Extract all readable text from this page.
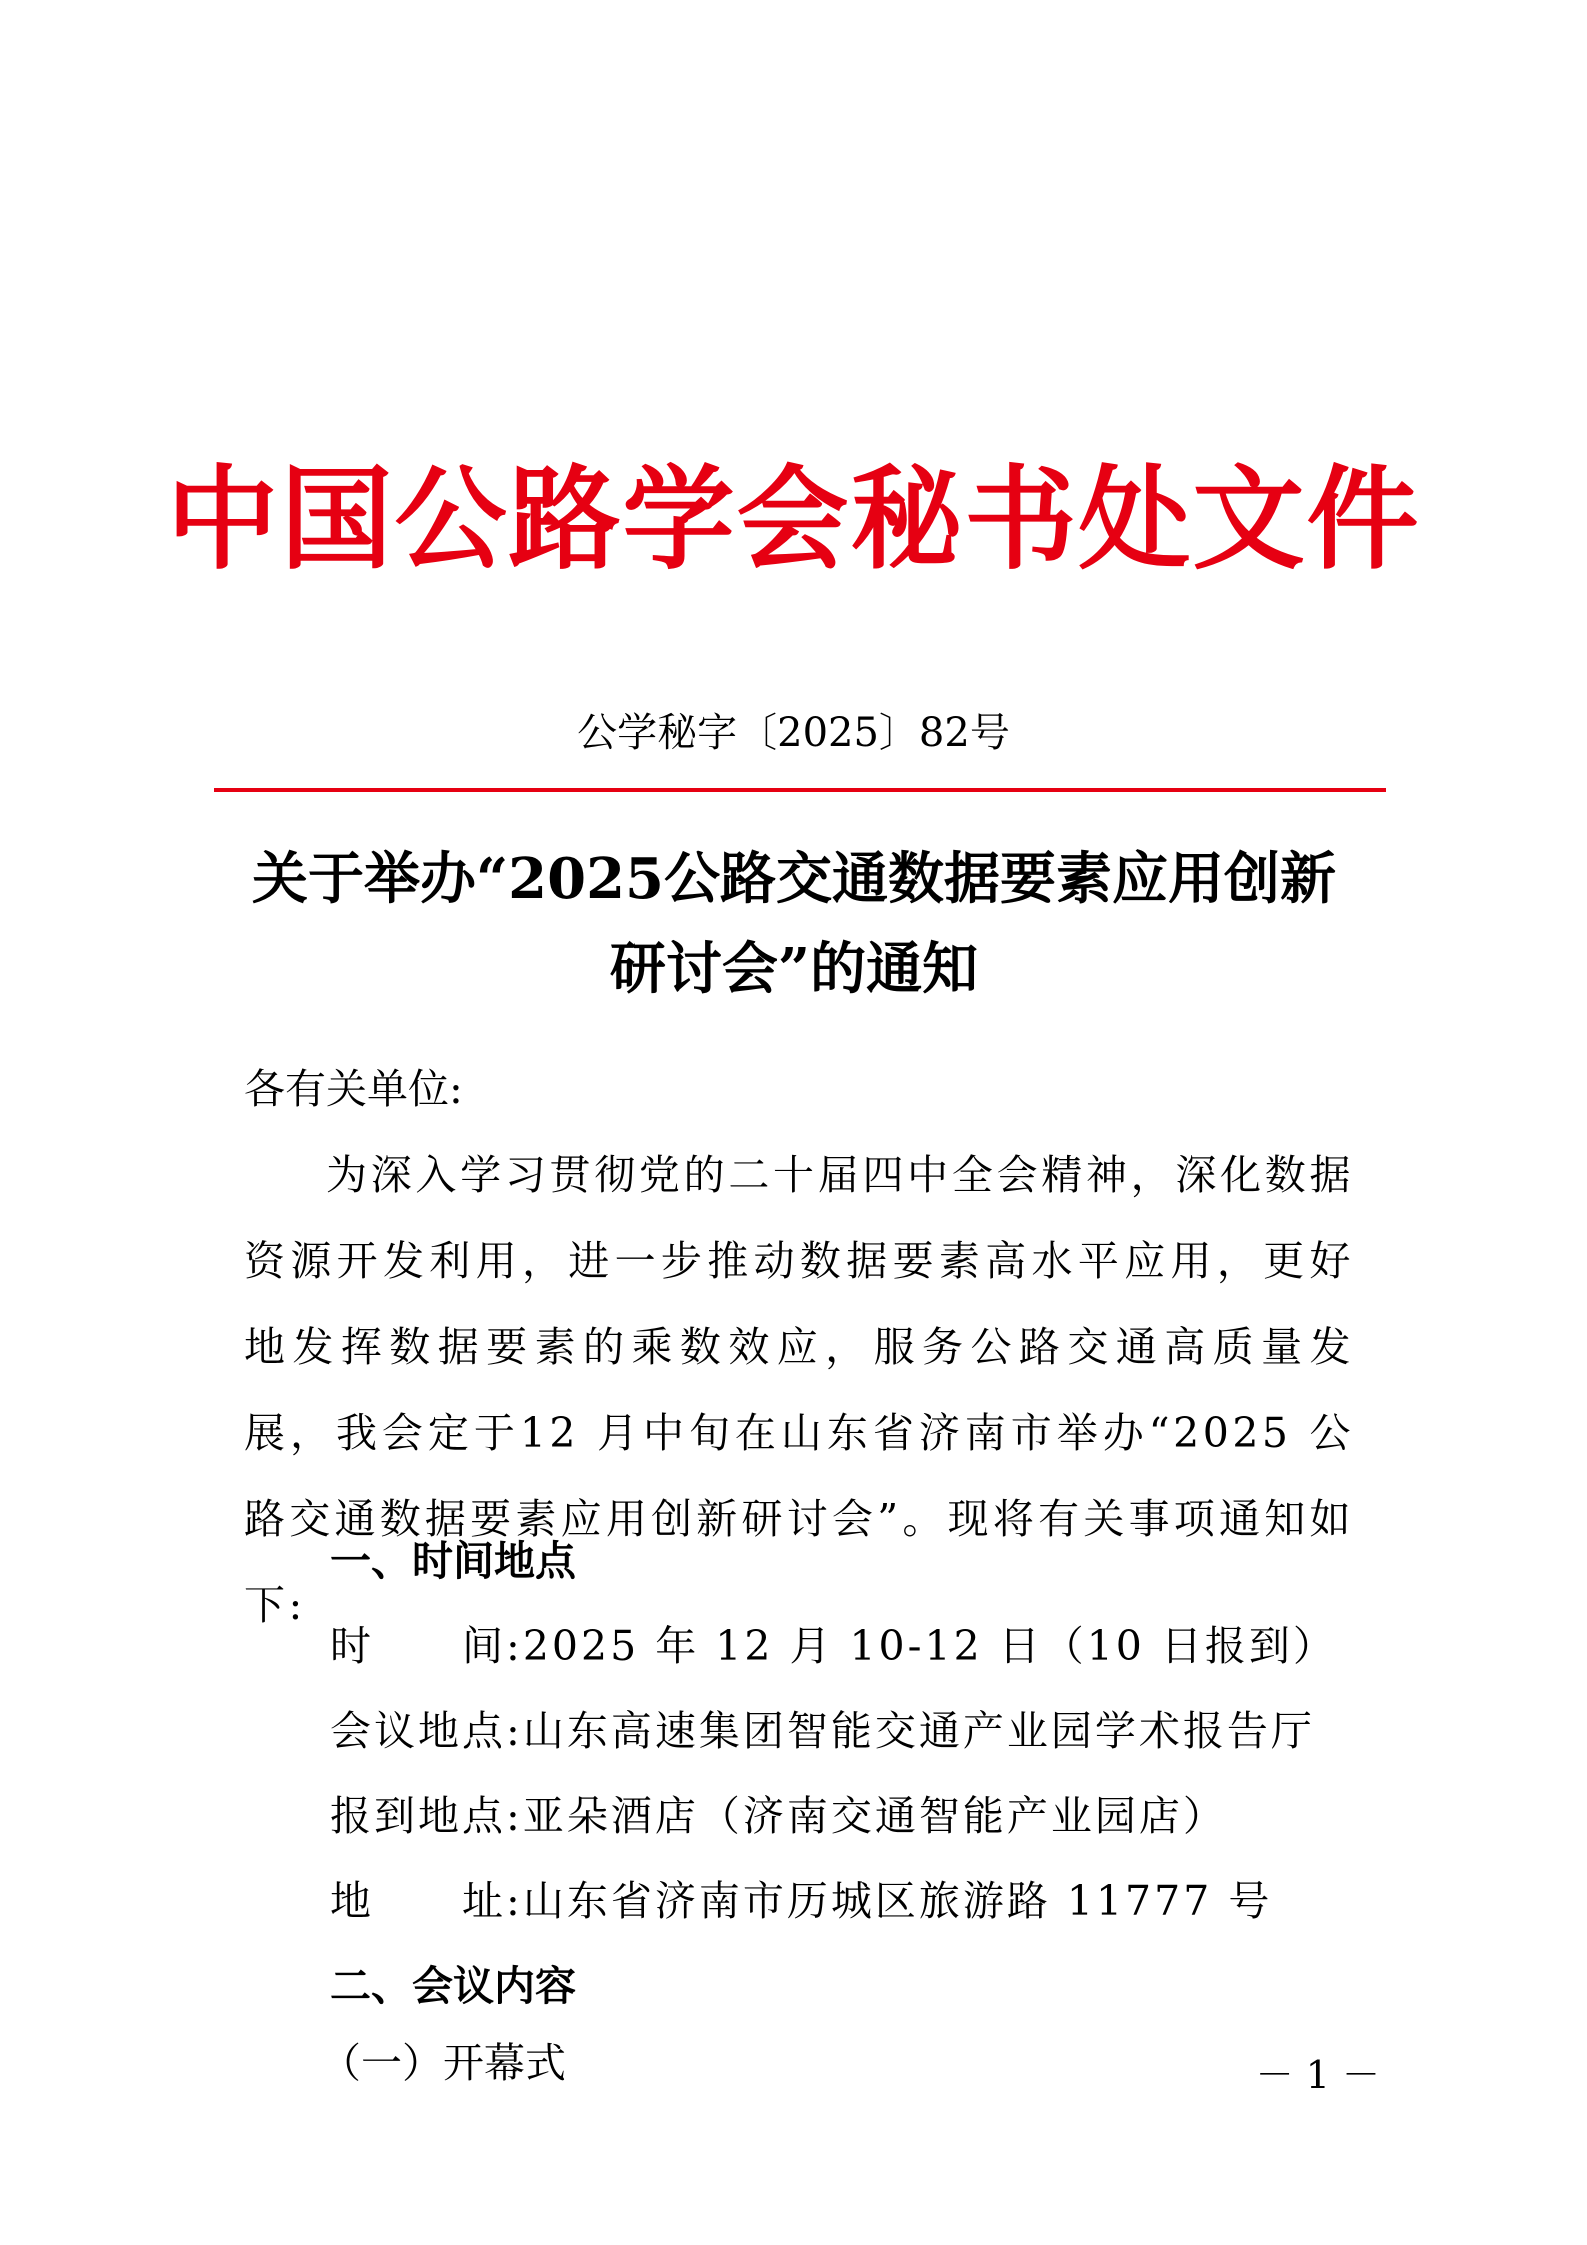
中国公路学会秘书处文件
公学秘字〔2025〕82号
关于举办“2025公路交通数据要素应用创新
研讨会”的通知
各有关单位:
为深入学习贯彻党的二十届四中全会精神，深化数据资源开发利用，进一步推动数据要素高水平应用，更好地发挥数据要素的乘数效应，服务公路交通高质量发展，我会定于12 月中旬在山东省济南市举办“2025 公路交通数据要素应用创新研讨会”。现将有关事项通知如下:
一、时间地点
时　　间:2025 年 12 月 10-12 日（10 日报到）
会议地点:山东高速集团智能交通产业园学术报告厅
报到地点:亚朵酒店（济南交通智能产业园店）
地　　址:山东省济南市历城区旅游路 11777 号
二、会议内容
（一）开幕式	－ 1 －
